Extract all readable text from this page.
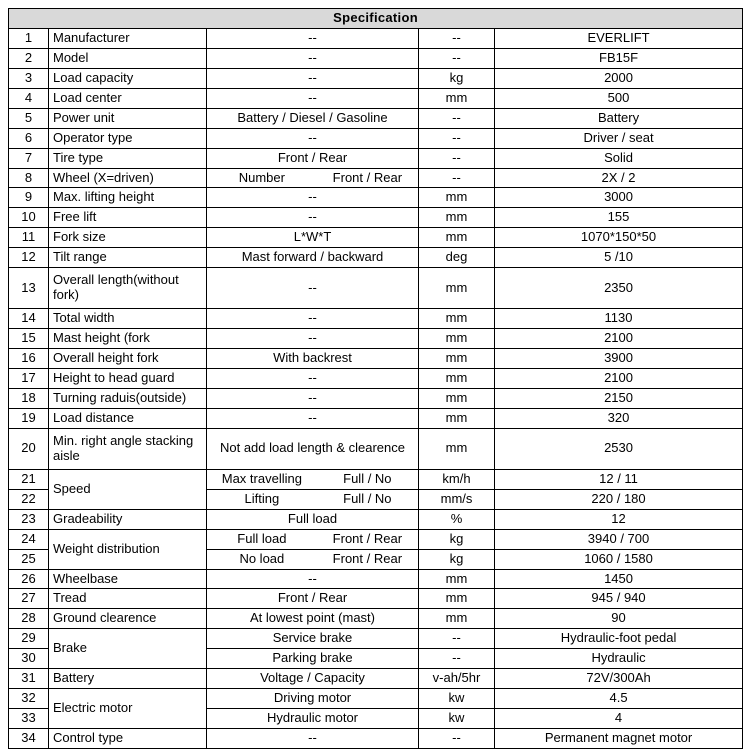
Specification				
1	Manufacturer	--	--	EVERLIFT
2	Model	--	--	FB15F
3	Load capacity	--	kg	2000
4	Load center	--	mm	500
5	Power unit	Battery / Diesel / Gasoline	--	Battery
6	Operator type	--	--	Driver / seat
7	Tire type	Front / Rear	--	Solid
8	Wheel (X=driven)	Number Front / Rear	--	2X / 2
9	Max. lifting height	--	mm	3000
10	Free lift	--	mm	155
11	Fork size	L*W*T	mm	1070*150*50
12	Tilt range	Mast forward / backward	deg	5 /10
13	Overall length(without fork)	--	mm	2350
14	Total width	--	mm	1130
15	Mast height (fork	--	mm	2100
16	Overall height fork	With backrest	mm	3900
17	Height to head guard	--	mm	2100
18	Turning raduis(outside)	--	mm	2150
19	Load distance	--	mm	320
20	Min. right angle stacking aisle	Not add load length & clearence	mm	2530
21	Speed	Max travelling Full / No	km/h	12 / 11
22		Lifting Full / No	mm/s	220 / 180
23	Gradeability	Full load	%	12
24	Weight distribution	Full load Front / Rear	kg	3940 / 700
25		No load Front / Rear	kg	1060 / 1580
26	Wheelbase	--	mm	1450
27	Tread	Front / Rear	mm	945 / 940
28	Ground clearence	At lowest point (mast)	mm	90
29	Brake	Service brake	--	Hydraulic-foot pedal
30		Parking brake	--	Hydraulic
31	Battery	Voltage / Capacity	v-ah/5hr	72V/300Ah
32	Electric motor	Driving motor	kw	4.5
33		Hydraulic motor	kw	4
34	Control type	--	--	Permanent magnet motor
